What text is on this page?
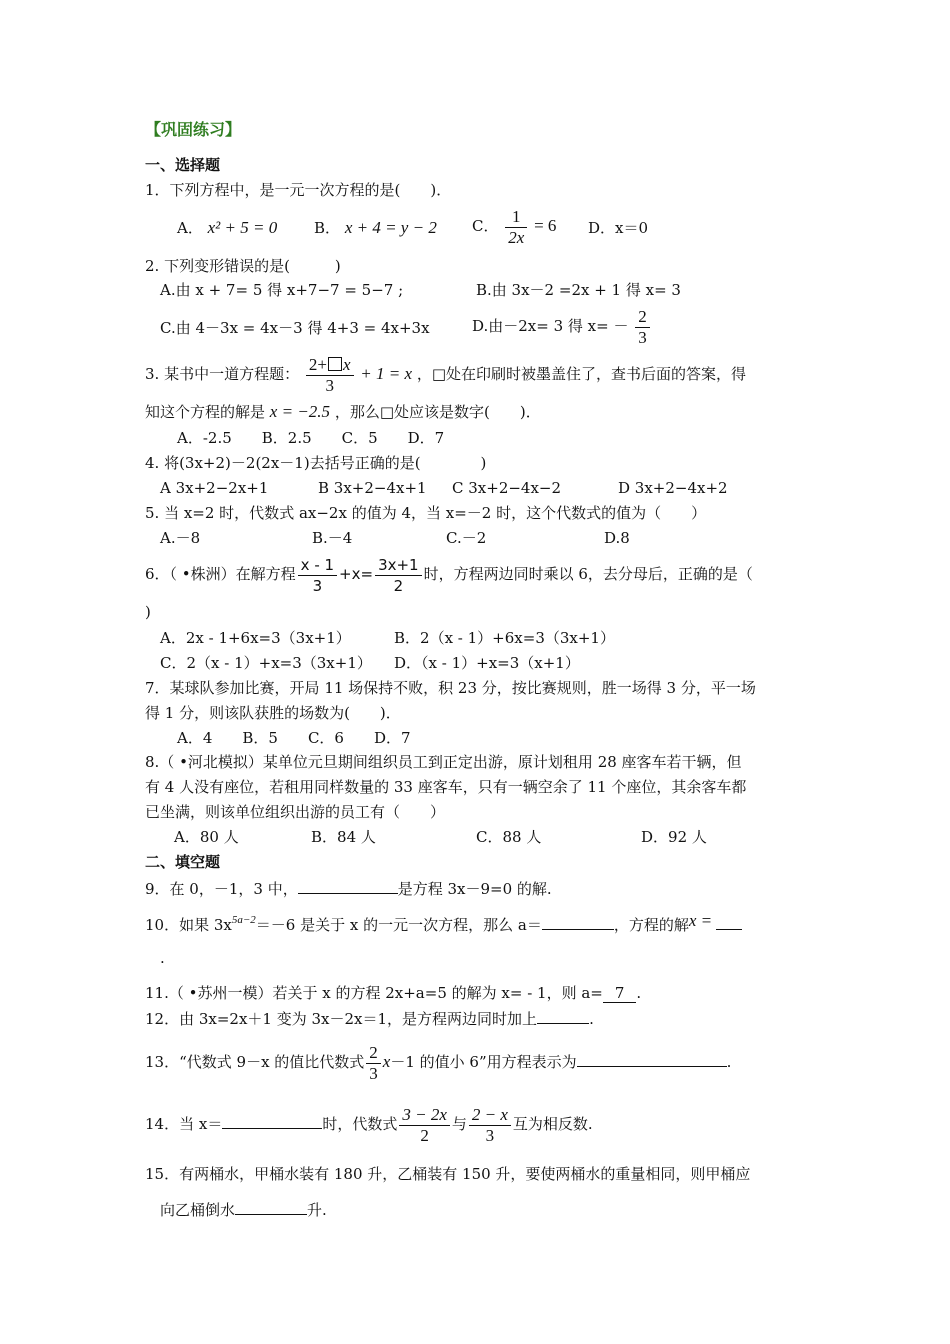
【巩固练习】
一、选择题
1．下列方程中，是一元一次方程的是(　　)．
A． x² + 5 = 0 B． x + 4 = y − 2 C． $\frac{1}{2x} = 6$ D．x＝0
2. 下列变形错误的是(　　　)
A.由 x + 7= 5 得 x+7−7 = 5−7 ;	B.由 3x－2 =2x + 1 得 x= 3
C.由 4－3x = 4x－3 得 4+3 = 4x+3x	D.由－2x= 3 得 $x= - \frac{2}{3}$
3. 某书中一道方程题： $\frac{2+ x}{3} + 1 = x$ ，□处在印刷时被墨盖住了，查书后面的答案，得
知这个方程的解是 x = −2.5 ，那么□处应该是数字(　　)．
A．-2.5　　B．2.5　　C．5　　D．7
4. 将(3x+2)－2(2x－1)去括号正确的是(　　　　)
A 3x+2−2x+1	B 3x+2−4x+1 C 3x+2−4x−2	D 3x+2−4x+2
5. 当 x=2 时，代数式 ax−2x 的值为 4，当 x=－2 时，这个代数式的值为（　　）
A.－8	B.－4	C.－2	D.8
6．（ •株洲）在解方程 $\frac{x - 1}{3} +x= \frac{3x+1}{2}$ 时，方程两边同时乘以 6，去分母后，正确的是（
)
A．2x - 1+6x=3（3x+1）	B．2（x - 1）+6x=3（3x+1）
C．2（x - 1）+x=3（3x+1） D．（x - 1）+x=3（x+1）
7．某球队参加比赛，开局 11 场保持不败，积 23 分，按比赛规则，胜一场得 3 分，平一场
得 1 分，则该队获胜的场数为(　　)．
A．4　　B．5　　C．6　　D．7
8.（ •河北模拟）某单位元旦期间组织员工到正定出游，原计划租用 28 座客车若干辆，但
有 4 人没有座位，若租用同样数量的 33 座客车，只有一辆空余了 11 个座位，其余客车都
已坐满，则该单位组织出游的员工有（　　）
A．80 人	B．84 人	C．88 人	D．92 人
二、填空题
9．在 0，－1，3 中，	是方程 3x－9=0 的解.
10．如果 $3x^{5a-2}=-6$ 是关于 x 的一元一次方程，那么 a＝	，方程的解x =
.
11.（ •苏州一模）若关于 x 的方程 2x+a=5 的解为 x= - 1，则 a= 7 .
12．由 3x=2x＋1 变为 3x－2x＝1，是方程两边同时加上	.
13．“代数式 9－x 的值比代数式 $\frac{2}{3} x-1$ 的值小 6”用方程表示为	.
14．当 x＝	时，代数式 $\frac{3 - 2x}{2}$ 与 $\frac{2 - x}{3}$ 互为相反数.
15．有两桶水，甲桶水装有 180 升，乙桶装有 150 升，要使两桶水的重量相同，则甲桶应
向乙桶倒水	升.
